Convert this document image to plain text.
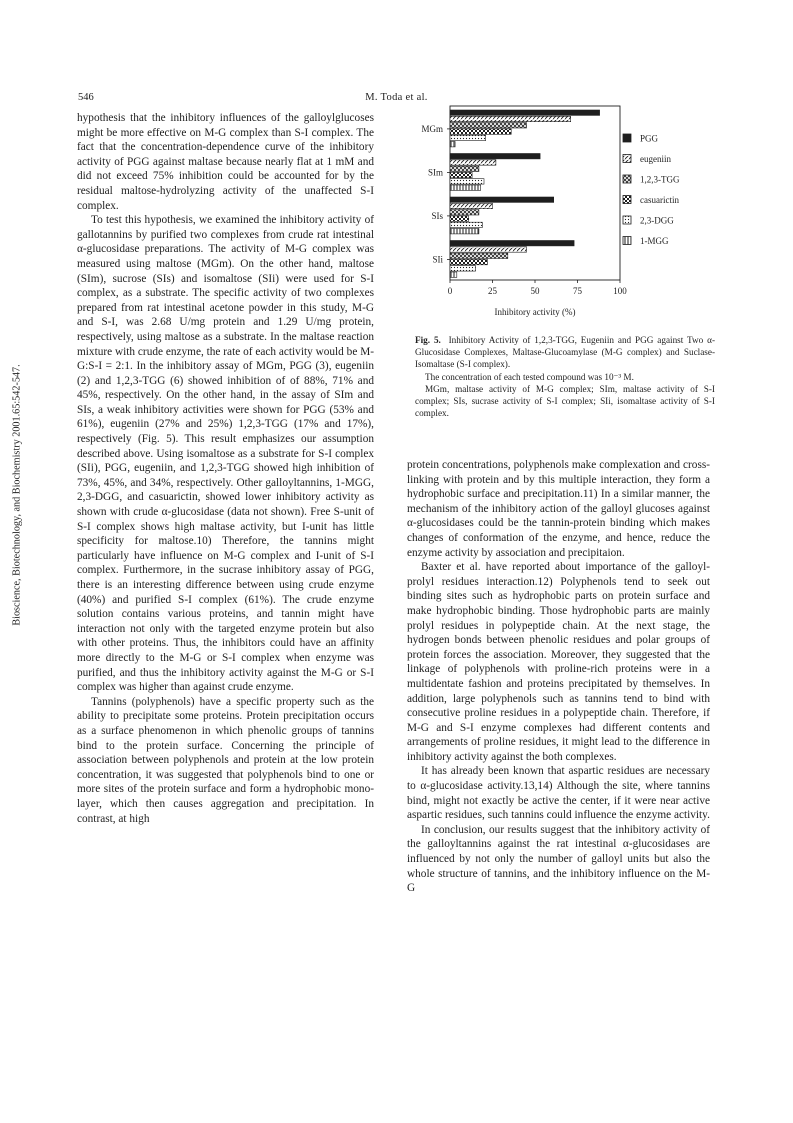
546	M. Toda et al.
Bioscience, Biotechnology, and Biochemistry 2001.65:542-547.

hypothesis that the inhibitory influences of the galloylglucoses might be more effective on M-G complex than S-I complex. The fact that the concentration-dependence curve of the inhibitory activity of PGG against maltase because nearly flat at 1 mM and did not exceed 75% inhibition could be accounted for by the residual maltose-hydrolyzing activity of the unaffected S-I complex.

To test this hypothesis, we examined the inhibitory activity of gallotannins by purified two complexes from crude rat intestinal α-glucosidase preparations. The activity of M-G complex was measured using maltose (MGm). On the other hand, maltose (SIm), sucrose (SIs) and isomaltose (SIi) were used for S-I complex, as a substrate. The specific activity of two complexes prepared from rat intestinal acetone powder in this study, M-G and S-I, was 2.68 U/mg protein and 1.29 U/mg protein, respectively, using maltose as a substrate. In the maltase reaction mixture with crude enzyme, the rate of each activity would be M-G:S-I = 2:1. In the inhibitory assay of MGm, PGG (3), eugeniin (2) and 1,2,3-TGG (6) showed inhibition of of 88%, 71% and 45%, respectively. On the other hand, in the assay of SIm and SIs, a weak inhibitory activities were shown for PGG (53% and 61%), eugeniin (27% and 25%) 1,2,3-TGG (17% and 17%), respectively (Fig. 5). This result emphasizes our assumption described above. Using isomaltose as a substrate for S-I complex (SIi), PGG, eugeniin, and 1,2,3-TGG showed high inhibition of 73%, 45%, and 34%, respectively. Other galloyltannins, 1-MGG, 2,3-DGG, and casuarictin, showed lower inhibitory activity as shown with crude α-glucosidase (data not shown). Free S-unit of S-I complex shows high maltase activity, but I-unit has little specificity for maltose.10) Therefore, the tannins might particularly have influence on M-G complex and I-unit of S-I complex. Furthermore, in the sucrase inhibitory assay of PGG, there is an interesting difference between using crude enzyme (40%) and purified S-I complex (61%). The crude enzyme solution contains various proteins, and tannin might have interaction not only with the targeted enzyme protein but also with other proteins. Thus, the inhibitors could have an affinity more directly to the M-G or S-I complex when enzyme was purified, and thus the inhibitory activity against the M-G or S-I complex was higher than against crude enzyme.

Tannins (polyphenols) have a specific property such as the ability to precipitate some proteins. Protein precipitation occurs as a surface phenomenon in which phenolic groups of tannins bind to the protein surface. Concerning the principle of association between polyphenols and protein at the low protein concentration, it was suggested that polyphenols bind to one or more sites of the protein surface and form a hydrophobic mono-layer, which then causes aggregation and precipitation. In contrast, at high

0	25	50	75	100
Inhibitory activity (%)
MGm
SIm
SIs
SIi
PGG
eugeniin
1,2,3-TGG
casuarictin
2,3-DGG
1-MGG

Fig. 5. Inhibitory Activity of 1,2,3-TGG, Eugeniin and PGG against Two α-Glucosidase Complexes, Maltase-Glucoamylase (M-G complex) and Suclase-Isomaltase (S-I complex).

The concentration of each tested compound was 10⁻³ M.

MGm, maltase activity of M-G complex; SIm, maltase activity of S-I complex; SIs, sucrase activity of S-I complex; SIi, isomaltase activity of S-I complex.

protein concentrations, polyphenols make complexation and cross-linking with protein and by this multiple interaction, they form a hydrophobic surface and precipitation.11) In a similar manner, the mechanism of the inhibitory action of the galloyl glucoses against α-glucosidases could be the tannin-protein binding which makes changes of conformation of the enzyme, and hence, reduce the enzyme activity by association and precipitaion.

Baxter et al. have reported about importance of the galloyl-prolyl residues interaction.12) Polyphenols tend to seek out binding sites such as hydrophobic parts on protein surface and make hydrophobic binding. Those hydrophobic parts are mainly prolyl residues in polypeptide chain. At the next stage, the hydrogen bonds between phenolic residues and polar groups of protein forces the association. Moreover, they suggested that the linkage of polyphenols with proline-rich proteins were in a multidentate fashion and proteins precipitated by themselves. In addition, large polyphenols such as tannins tend to bind with consecutive proline residues in a polypeptide chain. Therefore, if M-G and S-I enzyme complexes had different contents and arrangements of proline residues, it might lead to the difference in inhibitory activity against the both complexes.

It has already been known that aspartic residues are necessary to α-glucosidase activity.13,14) Although the site, where tannins bind, might not exactly be active the center, if it were near active aspartic residues, such tannins could influence the enzyme activity.

In conclusion, our results suggest that the inhibitory activity of the galloyltannins against the rat intestinal α-glucosidases are influenced by not only the number of galloyl units but also the whole structure of tannins, and the inhibitory influence on the M-G
